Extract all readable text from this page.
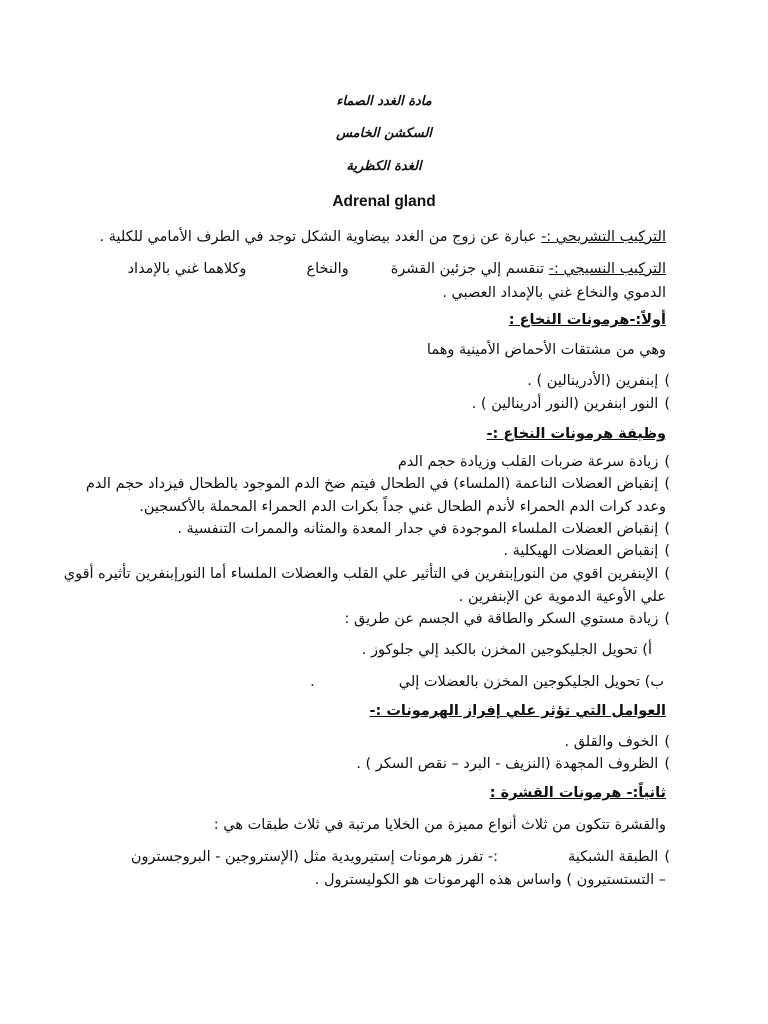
مادة الغدد الصماء

السكشن الخامس

الغدة الكظرية

Adrenal gland

التركيب التشريحي :- عبارة عن زوج من الغدد بيضاوية الشكل توجد في الطرف الأمامي للكلية .

التركيب النسيجي :- تنقسم إلي جزئين القشرةوالنخاعوكلاهما غني بالإمداد

الدموي والنخاع غني بالإمداد العصبي .

أولاً:-هرمونات النخاع :

وهي من مشتقات الأحماض الأمينية وهما

)إبنفرين (الأدرينالين ) .

)النور ابنفرين (النور أدرينالين ) .

وظيفة هرمونات النخاع :-

)زيادة سرعة ضربات القلب وزيادة حجم الدم

)إنقباض العضلات الناعمة (الملساء) في الطحال فيتم ضخ الدم الموجود بالطحال فيزداد حجم الدم

وعدد كرات الدم الحمراء لأندم الطحال غني جداً بكرات الدم الحمراء المحملة بالأكسجين.

)إنقباض العضلات الملساء الموجودة في جدار المعدة والمثانه والممرات التنفسية .

)إنقباض العضلات الهيكلية .

)الإبنفرين اقوي من النورإبنفرين في التأثير علي القلب والعضلات الملساء أما النورإبنفرين تأثيره أقوي

علي الأوعية الدموية عن الإبنفرين .

)زيادة مستوي السكر والطاقة في الجسم عن طريق :

أ) تحويل الجليكوجين المخزن بالكبد إلي جلوكوز .

ب) تحويل الجليكوجين المخزن بالعضلات إلي.

العوامل التي تؤثر علي إفراز الهرمونات :-

)الخوف والقلق .

)الظروف المجهدة (النزيف - البرد – نقص السكر ) .

ثانياً:- هرمونات القشرة :

والقشرة تتكون من ثلاث أنواع مميزة من الخلايا مرتبة في ثلاث طبقات هي :

)الطبقة الشبكية:- تفرز هرمونات إستيرويدية مثل (الإستروجين - البروجسترون

– التستستيرون ) واساس هذه الهرمونات هو الكوليسترول .
